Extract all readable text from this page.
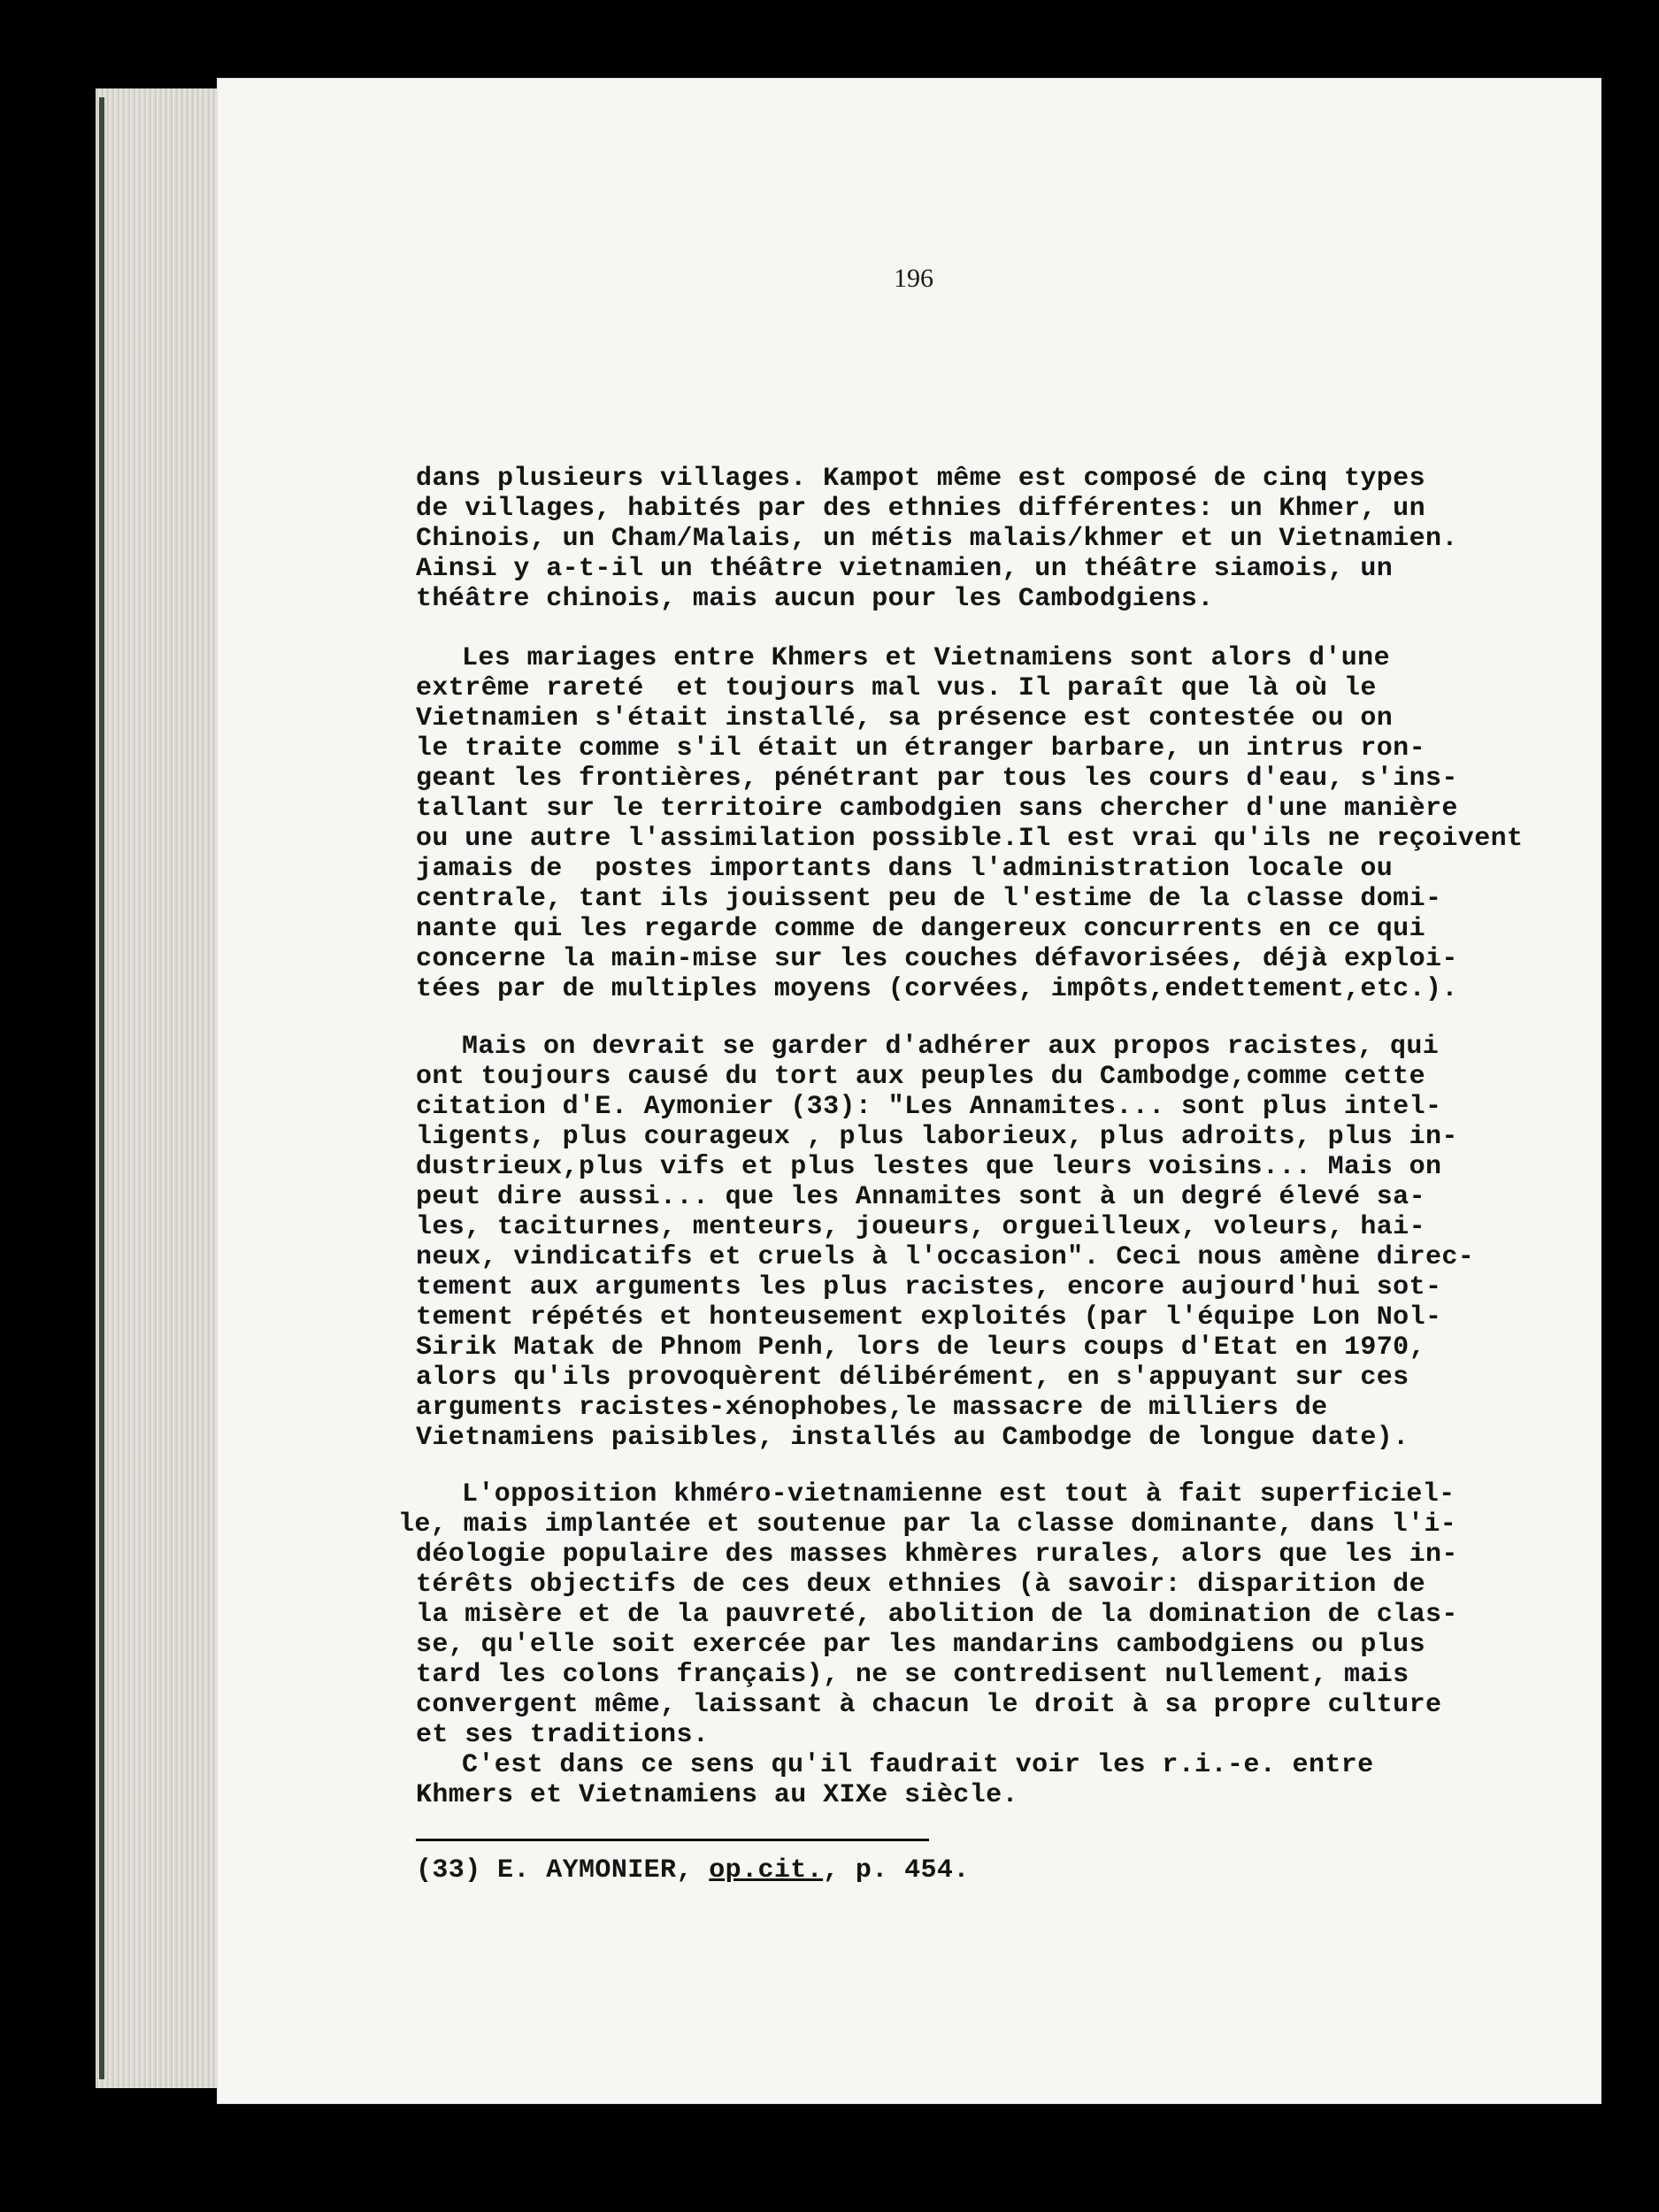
196
dans plusieurs villages. Kampot même est composé de cinq types
de villages, habités par des ethnies différentes: un Khmer, un
Chinois, un Cham/Malais, un métis malais/khmer et un Vietnamien.
Ainsi y a-t-il un théâtre vietnamien, un théâtre siamois, un
théâtre chinois, mais aucun pour les Cambodgiens.
Les mariages entre Khmers et Vietnamiens sont alors d'une
extrême rareté  et toujours mal vus. Il paraît que là où le
Vietnamien s'était installé, sa présence est contestée ou on
le traite comme s'il était un étranger barbare, un intrus ron-
geant les frontières, pénétrant par tous les cours d'eau, s'ins-
tallant sur le territoire cambodgien sans chercher d'une manière
ou une autre l'assimilation possible.Il est vrai qu'ils ne reçoivent
jamais de  postes importants dans l'administration locale ou
centrale, tant ils jouissent peu de l'estime de la classe domi-
nante qui les regarde comme de dangereux concurrents en ce qui
concerne la main-mise sur les couches défavorisées, déjà exploi-
tées par de multiples moyens (corvées, impôts,endettement,etc.).
Mais on devrait se garder d'adhérer aux propos racistes, qui
ont toujours causé du tort aux peuples du Cambodge,comme cette
citation d'E. Aymonier (33): "Les Annamites... sont plus intel-
ligents, plus courageux , plus laborieux, plus adroits, plus in-
dustrieux,plus vifs et plus lestes que leurs voisins... Mais on
peut dire aussi... que les Annamites sont à un degré élevé sa-
les, taciturnes, menteurs, joueurs, orgueilleux, voleurs, hai-
neux, vindicatifs et cruels à l'occasion". Ceci nous amène direc-
tement aux arguments les plus racistes, encore aujourd'hui sot-
tement répétés et honteusement exploités (par l'équipe Lon Nol-
Sirik Matak de Phnom Penh, lors de leurs coups d'Etat en 1970,
alors qu'ils provoquèrent délibérément, en s'appuyant sur ces
arguments racistes-xénophobes,le massacre de milliers de
Vietnamiens paisibles, installés au Cambodge de longue date).
L'opposition khméro-vietnamienne est tout à fait superficiel-
le, mais implantée et soutenue par la classe dominante, dans l'i-
déologie populaire des masses khmères rurales, alors que les in-
térêts objectifs de ces deux ethnies (à savoir: disparition de
la misère et de la pauvreté, abolition de la domination de clas-
se, qu'elle soit exercée par les mandarins cambodgiens ou plus
tard les colons français), ne se contredisent nullement, mais
convergent même, laissant à chacun le droit à sa propre culture
et ses traditions.
C'est dans ce sens qu'il faudrait voir les r.i.-e. entre
Khmers et Vietnamiens au XIXe siècle.
(33) E. AYMONIER, op.cit., p. 454.
